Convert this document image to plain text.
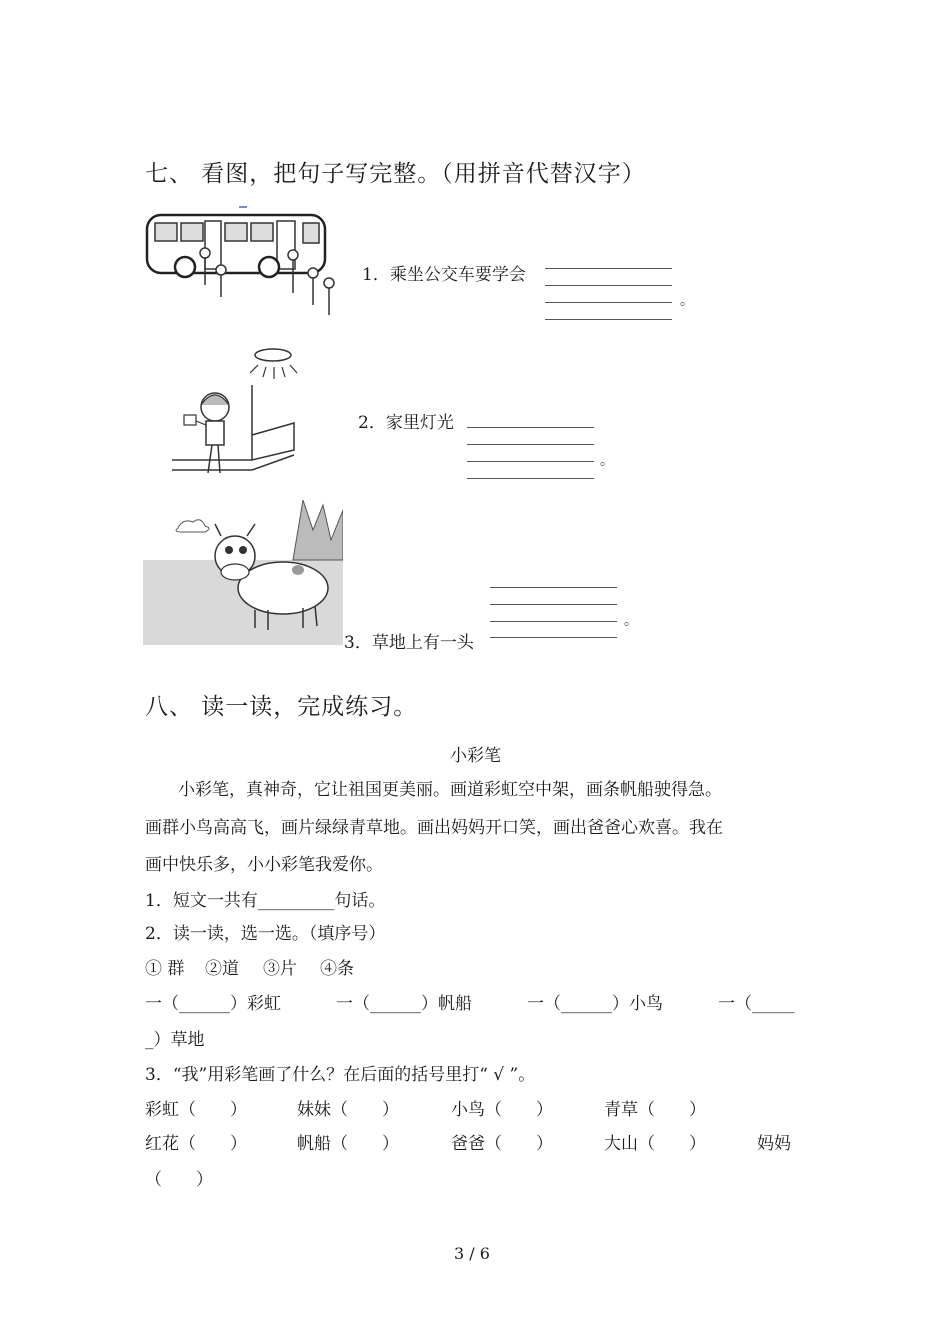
七、 看图，把句子写完整。（用拼音代替汉字）
1．乘坐公交车要学会
。
2．家里灯光
。
。
3．草地上有一头
八、 读一读，完成练习。
小彩笔
小彩笔，真神奇，它让祖国更美丽。画道彩虹空中架，画条帆船驶得急。
画群小鸟高高飞，画片绿绿青草地。画出妈妈开口笑，画出爸爸心欢喜。我在
画中快乐多，小小彩笔我爱你。
1．短文一共有_________句话。
2．读一读，选一选。（填序号）
① 群 ②道 ③片 ④条
一（______）彩虹	一（______）帆船	一（______）小鸟	一（_____
_）草地
3．“我”用彩笔画了什么？在后面的括号里打“ √ ”。
彩虹（　　）	妹妹（　　）	小鸟（　　）	青草（　　）
红花（　　）	帆船（　　）	爸爸（　　）	大山（　　）	妈妈
（　　）
3 / 6
